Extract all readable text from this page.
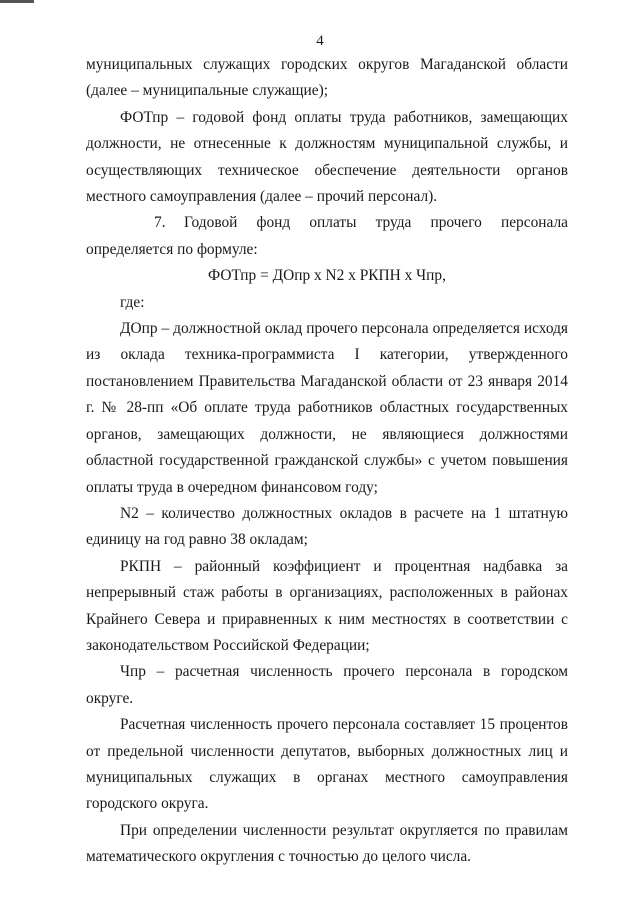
4

муниципальных служащих городских округов Магаданской области (далее – муниципальные служащие);

ФОТпр – годовой фонд оплаты труда работников, замещающих должности, не отнесенные к должностям муниципальной службы, и осуществляющих техническое обеспечение деятельности органов местного самоуправления (далее – прочий персонал).

7. Годовой фонд оплаты труда прочего персонала определяется по формуле:

ФОТпр = ДОпр х N2 х РКПН х Чпр,

где:

ДОпр – должностной оклад прочего персонала определяется исходя из оклада техника-программиста I категории, утвержденного постановлением Правительства Магаданской области от 23 января 2014 г. № 28-пп «Об оплате труда работников областных государственных органов, замещающих должности, не являющиеся должностями областной государственной гражданской службы» с учетом повышения оплаты труда в очередном финансовом году;

N2 – количество должностных окладов в расчете на 1 штатную единицу на год равно 38 окладам;

РКПН – районный коэффициент и процентная надбавка за непрерывный стаж работы в организациях, расположенных в районах Крайнего Севера и приравненных к ним местностях в соответствии с законодательством Российской Федерации;

Чпр – расчетная численность прочего персонала в городском округе.

Расчетная численность прочего персонала составляет 15 процентов от предельной численности депутатов, выборных должностных лиц и муниципальных служащих в органах местного самоуправления городского округа.

При определении численности результат округляется по правилам математического округления с точностью до целого числа.
